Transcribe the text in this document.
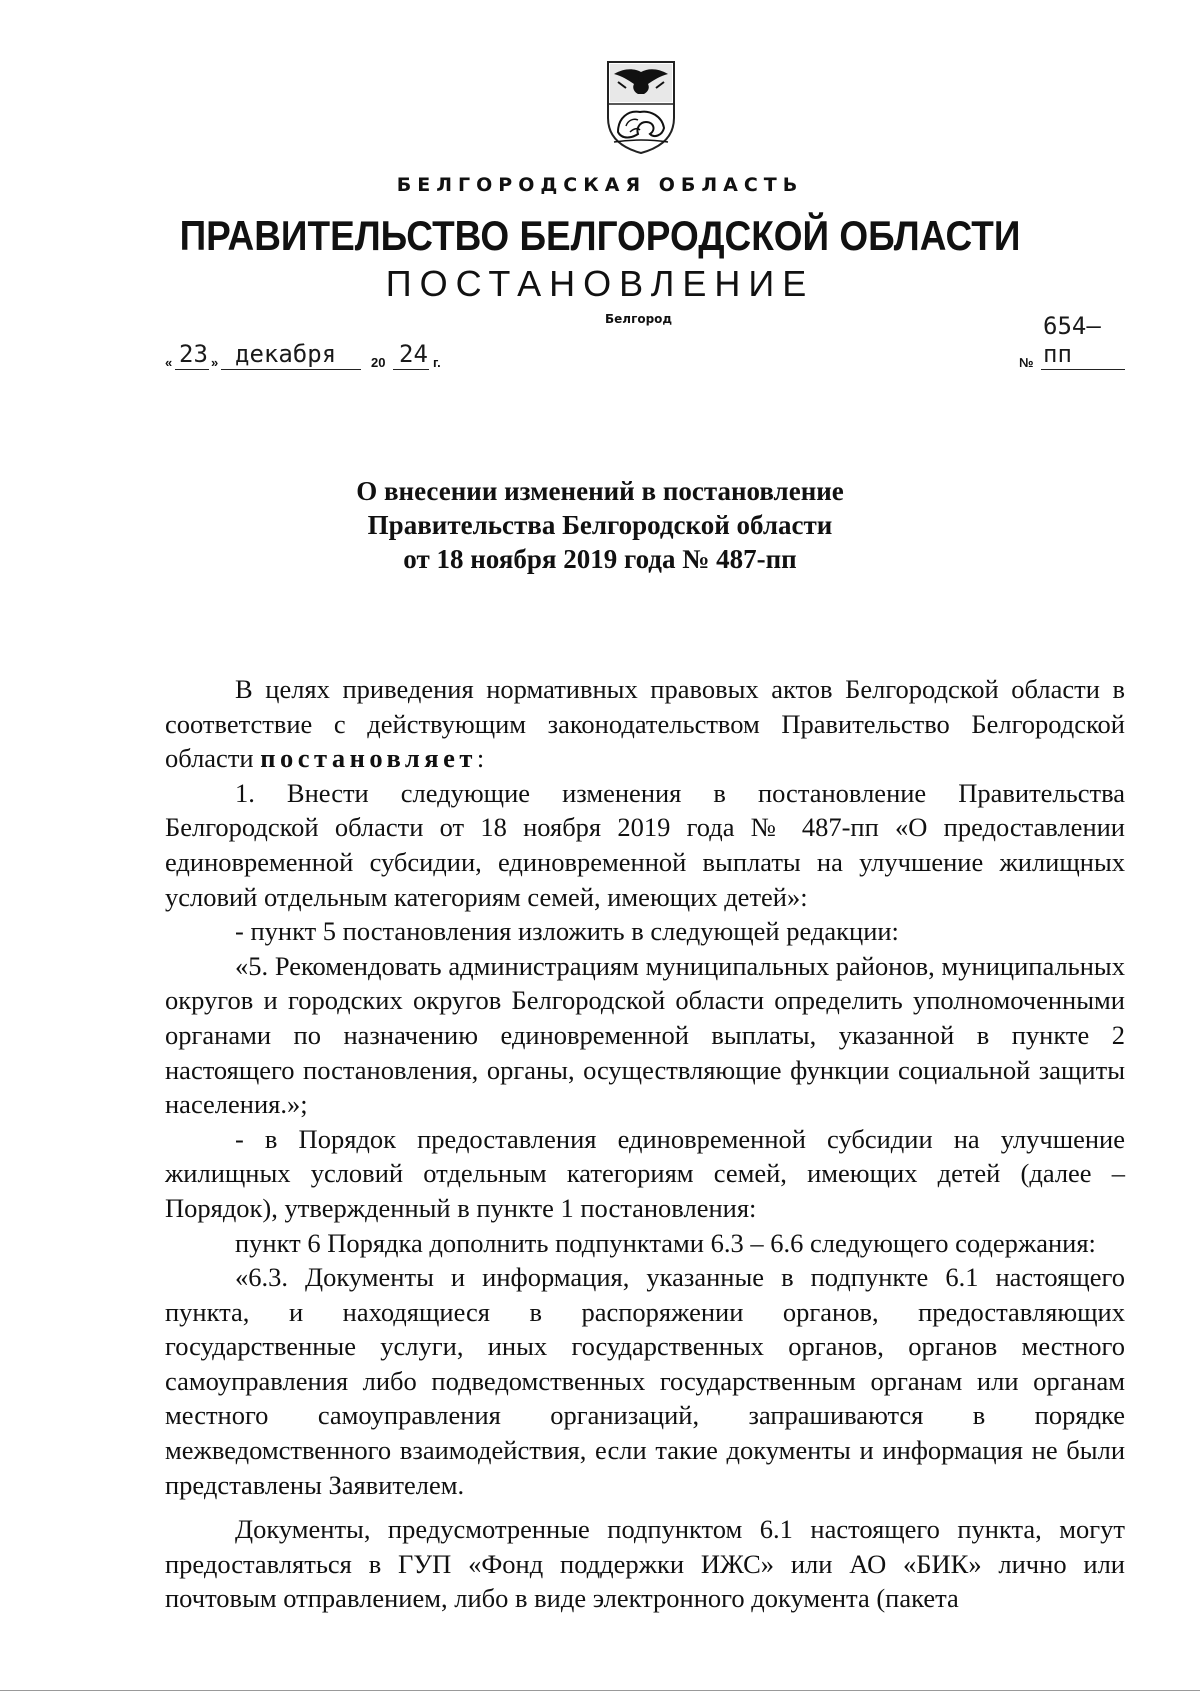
БЕЛГОРОДСКАЯ ОБЛАСТЬ
ПРАВИТЕЛЬСТВО БЕЛГОРОДСКОЙ ОБЛАСТИ
ПОСТАНОВЛЕНИЕ
Белгород
« 23 » декабря	20 24 г.	№
654–пп
О внесении изменений в постановление
Правительства Белгородской области
от 18 ноября 2019 года № 487-пп

В целях приведения нормативных правовых актов Белгородской области в соответствие с действующим законодательством Правительство Белгородской области постановляет:

1. Внести следующие изменения в постановление Правительства Белгородской области от 18 ноября 2019 года № 487-пп «О предоставлении единовременной субсидии, единовременной выплаты на улучшение жилищных условий отдельным категориям семей, имеющих детей»:

- пункт 5 постановления изложить в следующей редакции:

«5. Рекомендовать администрациям муниципальных районов, муниципальных округов и городских округов Белгородской области определить уполномоченными органами по назначению единовременной выплаты, указанной в пункте 2 настоящего постановления, органы, осуществляющие функции социальной защиты населения.»;

- в Порядок предоставления единовременной субсидии на улучшение жилищных условий отдельным категориям семей, имеющих детей (далее – Порядок), утвержденный в пункте 1 постановления:

пункт 6 Порядка дополнить подпунктами 6.3 – 6.6 следующего содержания:

«6.3. Документы и информация, указанные в подпункте 6.1 настоящего пункта, и находящиеся в распоряжении органов, предоставляющих государственные услуги, иных государственных органов, органов местного самоуправления либо подведомственных государственным органам или органам местного самоуправления организаций, запрашиваются в порядке межведомственного взаимодействия, если такие документы и информация не были представлены Заявителем.

Документы, предусмотренные подпунктом 6.1 настоящего пункта, могут предоставляться в ГУП «Фонд поддержки ИЖС» или АО «БИК» лично или почтовым отправлением, либо в виде электронного документа (пакета
